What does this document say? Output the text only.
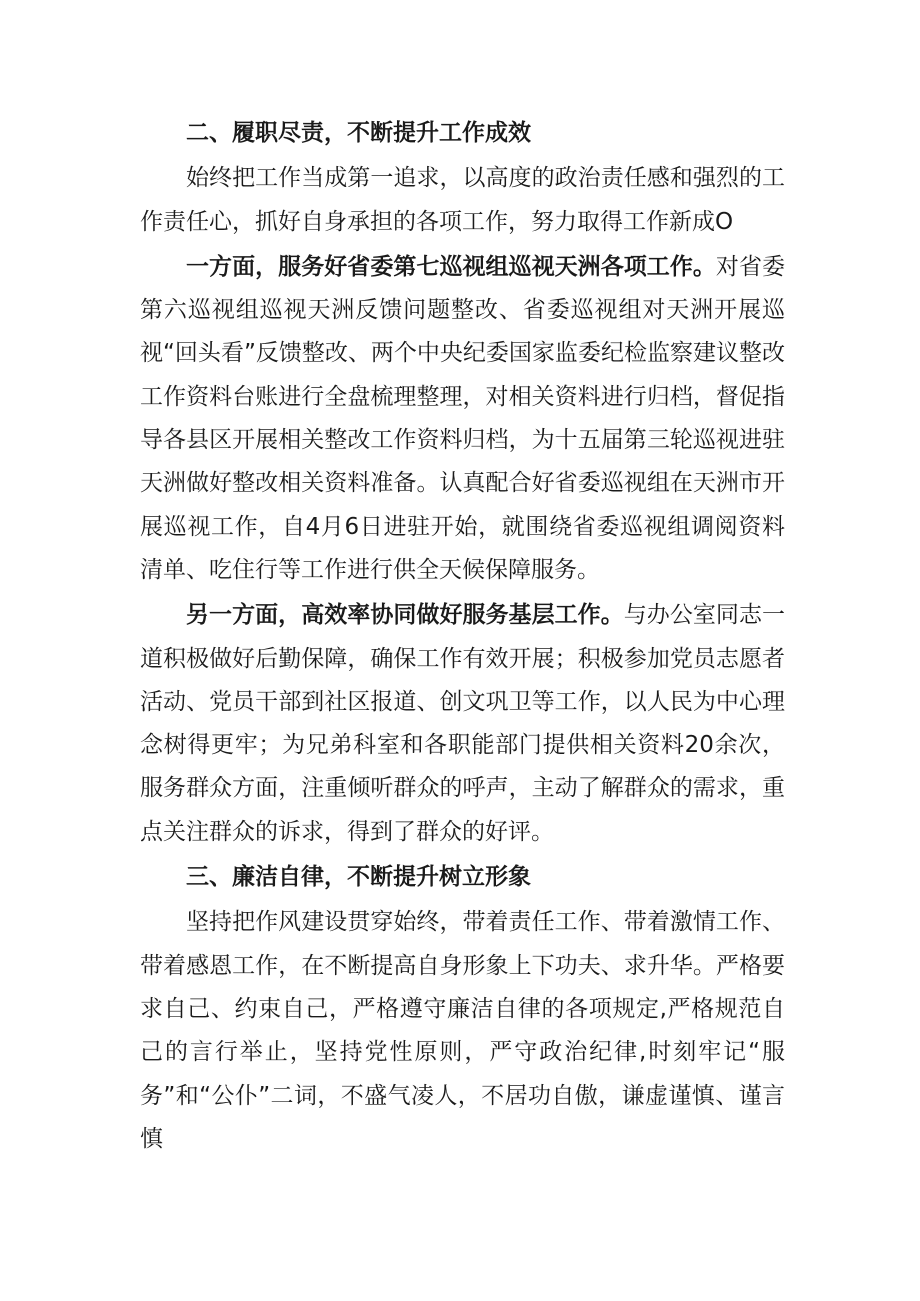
二、履职尽责，不断提升工作成效

始终把工作当成第一追求，以高度的政治责任感和强烈的工作责任心，抓好自身承担的各项工作，努力取得工作新成O

一方面，服务好省委第七巡视组巡视天洲各项工作。对省委第六巡视组巡视天洲反馈问题整改、省委巡视组对天洲开展巡视“回头看”反馈整改、两个中央纪委国家监委纪检监察建议整改工作资料台账进行全盘梳理整理，对相关资料进行归档，督促指导各县区开展相关整改工作资料归档，为十五届第三轮巡视进驻天洲做好整改相关资料准备。认真配合好省委巡视组在天洲市开展巡视工作，自4月6日进驻开始，就围绕省委巡视组调阅资料清单、吃住行等工作进行供全天候保障服务。

另一方面，高效率协同做好服务基层工作。与办公室同志一道积极做好后勤保障，确保工作有效开展；积极参加党员志愿者活动、党员干部到社区报道、创文巩卫等工作，以人民为中心理念树得更牢；为兄弟科室和各职能部门提供相关资料20余次，服务群众方面，注重倾听群众的呼声，主动了解群众的需求，重点关注群众的诉求，得到了群众的好评。

三、廉洁自律，不断提升树立形象

坚持把作风建设贯穿始终，带着责任工作、带着激情工作、带着感恩工作，在不断提高自身形象上下功夫、求升华。严格要求自己、约束自己，严格遵守廉洁自律的各项规定,严格规范自己的言行举止，坚持党性原则，严守政治纪律,时刻牢记“服务”和“公仆”二词，不盛气凌人，不居功自傲，谦虚谨慎、谨言慎
